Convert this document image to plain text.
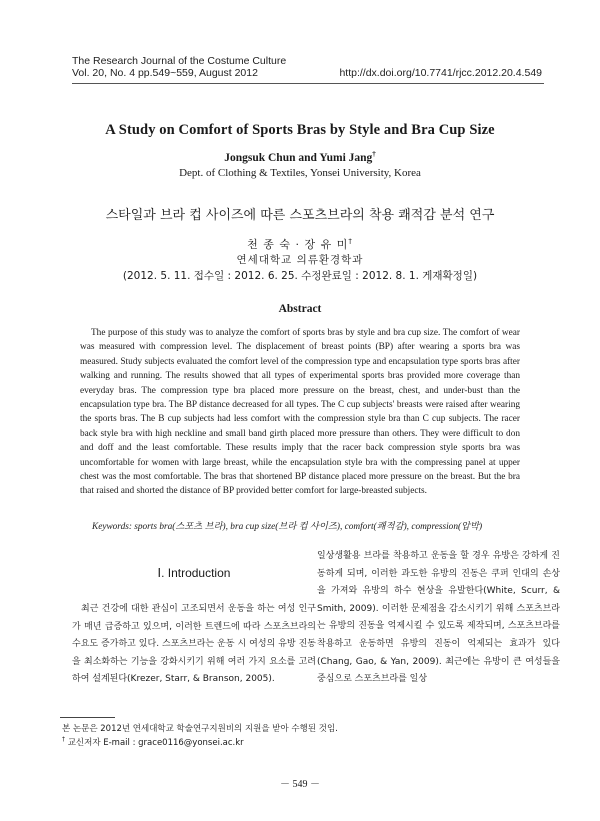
The Research Journal of the Costume Culture
Vol. 20, No. 4 pp.549~559, August 2012	http://dx.doi.org/10.7741/rjcc.2012.20.4.549
A Study on Comfort of Sports Bras by Style and Bra Cup Size
Jongsuk Chun and Yumi Jang†
Dept. of Clothing & Textiles, Yonsei University, Korea
스타일과 브라 컵 사이즈에 따른 스포츠브라의 착용 쾌적감 분석 연구
천 종 숙 · 장 유 미†
연세대학교 의류환경학과
(2012. 5. 11. 접수일 : 2012. 6. 25. 수정완료일 : 2012. 8. 1. 게재확정일)
Abstract
The purpose of this study was to analyze the comfort of sports bras by style and bra cup size. The comfort of wear was measured with compression level. The displacement of breast points (BP) after wearing a sports bra was measured. Study subjects evaluated the comfort level of the compression type and encapsulation type sports bras after walking and running. The results showed that all types of experimental sports bras provided more coverage than everyday bras. The compression type bra placed more pressure on the breast, chest, and under-bust than the encapsulation type bra. The BP distance decreased for all types. The C cup subjects' breasts were raised after wearing the sports bras. The B cup subjects had less comfort with the compression style bra than C cup subjects. The racer back style bra with high neckline and small band girth placed more pressure than others. They were difficult to don and doff and the least comfortable. These results imply that the racer back compression style sports bra was uncomfortable for women with large breast, while the encapsulation style bra with the compressing panel at upper chest was the most comfortable. The bras that shortened BP distance placed more pressure on the breast. But the bra that raised and shorted the distance of BP provided better comfort for large-breasted subjects.
Keywords: sports bra(스포츠 브라), bra cup size(브라 컵 사이즈), comfort(쾌적감), compression(압박)
Ⅰ. Introduction
최근 건강에 대한 관심이 고조되면서 운동을 하는 여성 인구가 매년 급증하고 있으며, 이러한 트렌드에 따라 스포츠브라의 수요도 증가하고 있다. 스포츠브라는 운동 시 여성의 유방 진동을 최소화하는 기능을 강화시키기 위해 여러 가지 요소를 고려하여 설계된다(Krezer, Starr, & Branson, 2005).
일상생활용 브라를 착용하고 운동을 할 경우 유방은 강하게 진동하게 되며, 이러한 과도한 유방의 진동은 쿠퍼 인대의 손상을 가져와 유방의 하수 현상을 유발한다(White, Scurr, & Smith, 2009). 이러한 문제점을 감소시키기 위해 스포츠브라는 유방의 진동을 억제시킬 수 있도록 제작되며, 스포츠브라를 착용하고 운동하면 유방의 진동이 억제되는 효과가 있다(Chang, Gao, & Yan, 2009). 최근에는 유방이 큰 여성들을 중심으로 스포츠브라를 일상
본 논문은 2012년 연세대학교 학술연구지원비의 지원을 받아 수행된 것임.
† 교신저자 E-mail : grace0116@yonsei.ac.kr
－ 549 －
